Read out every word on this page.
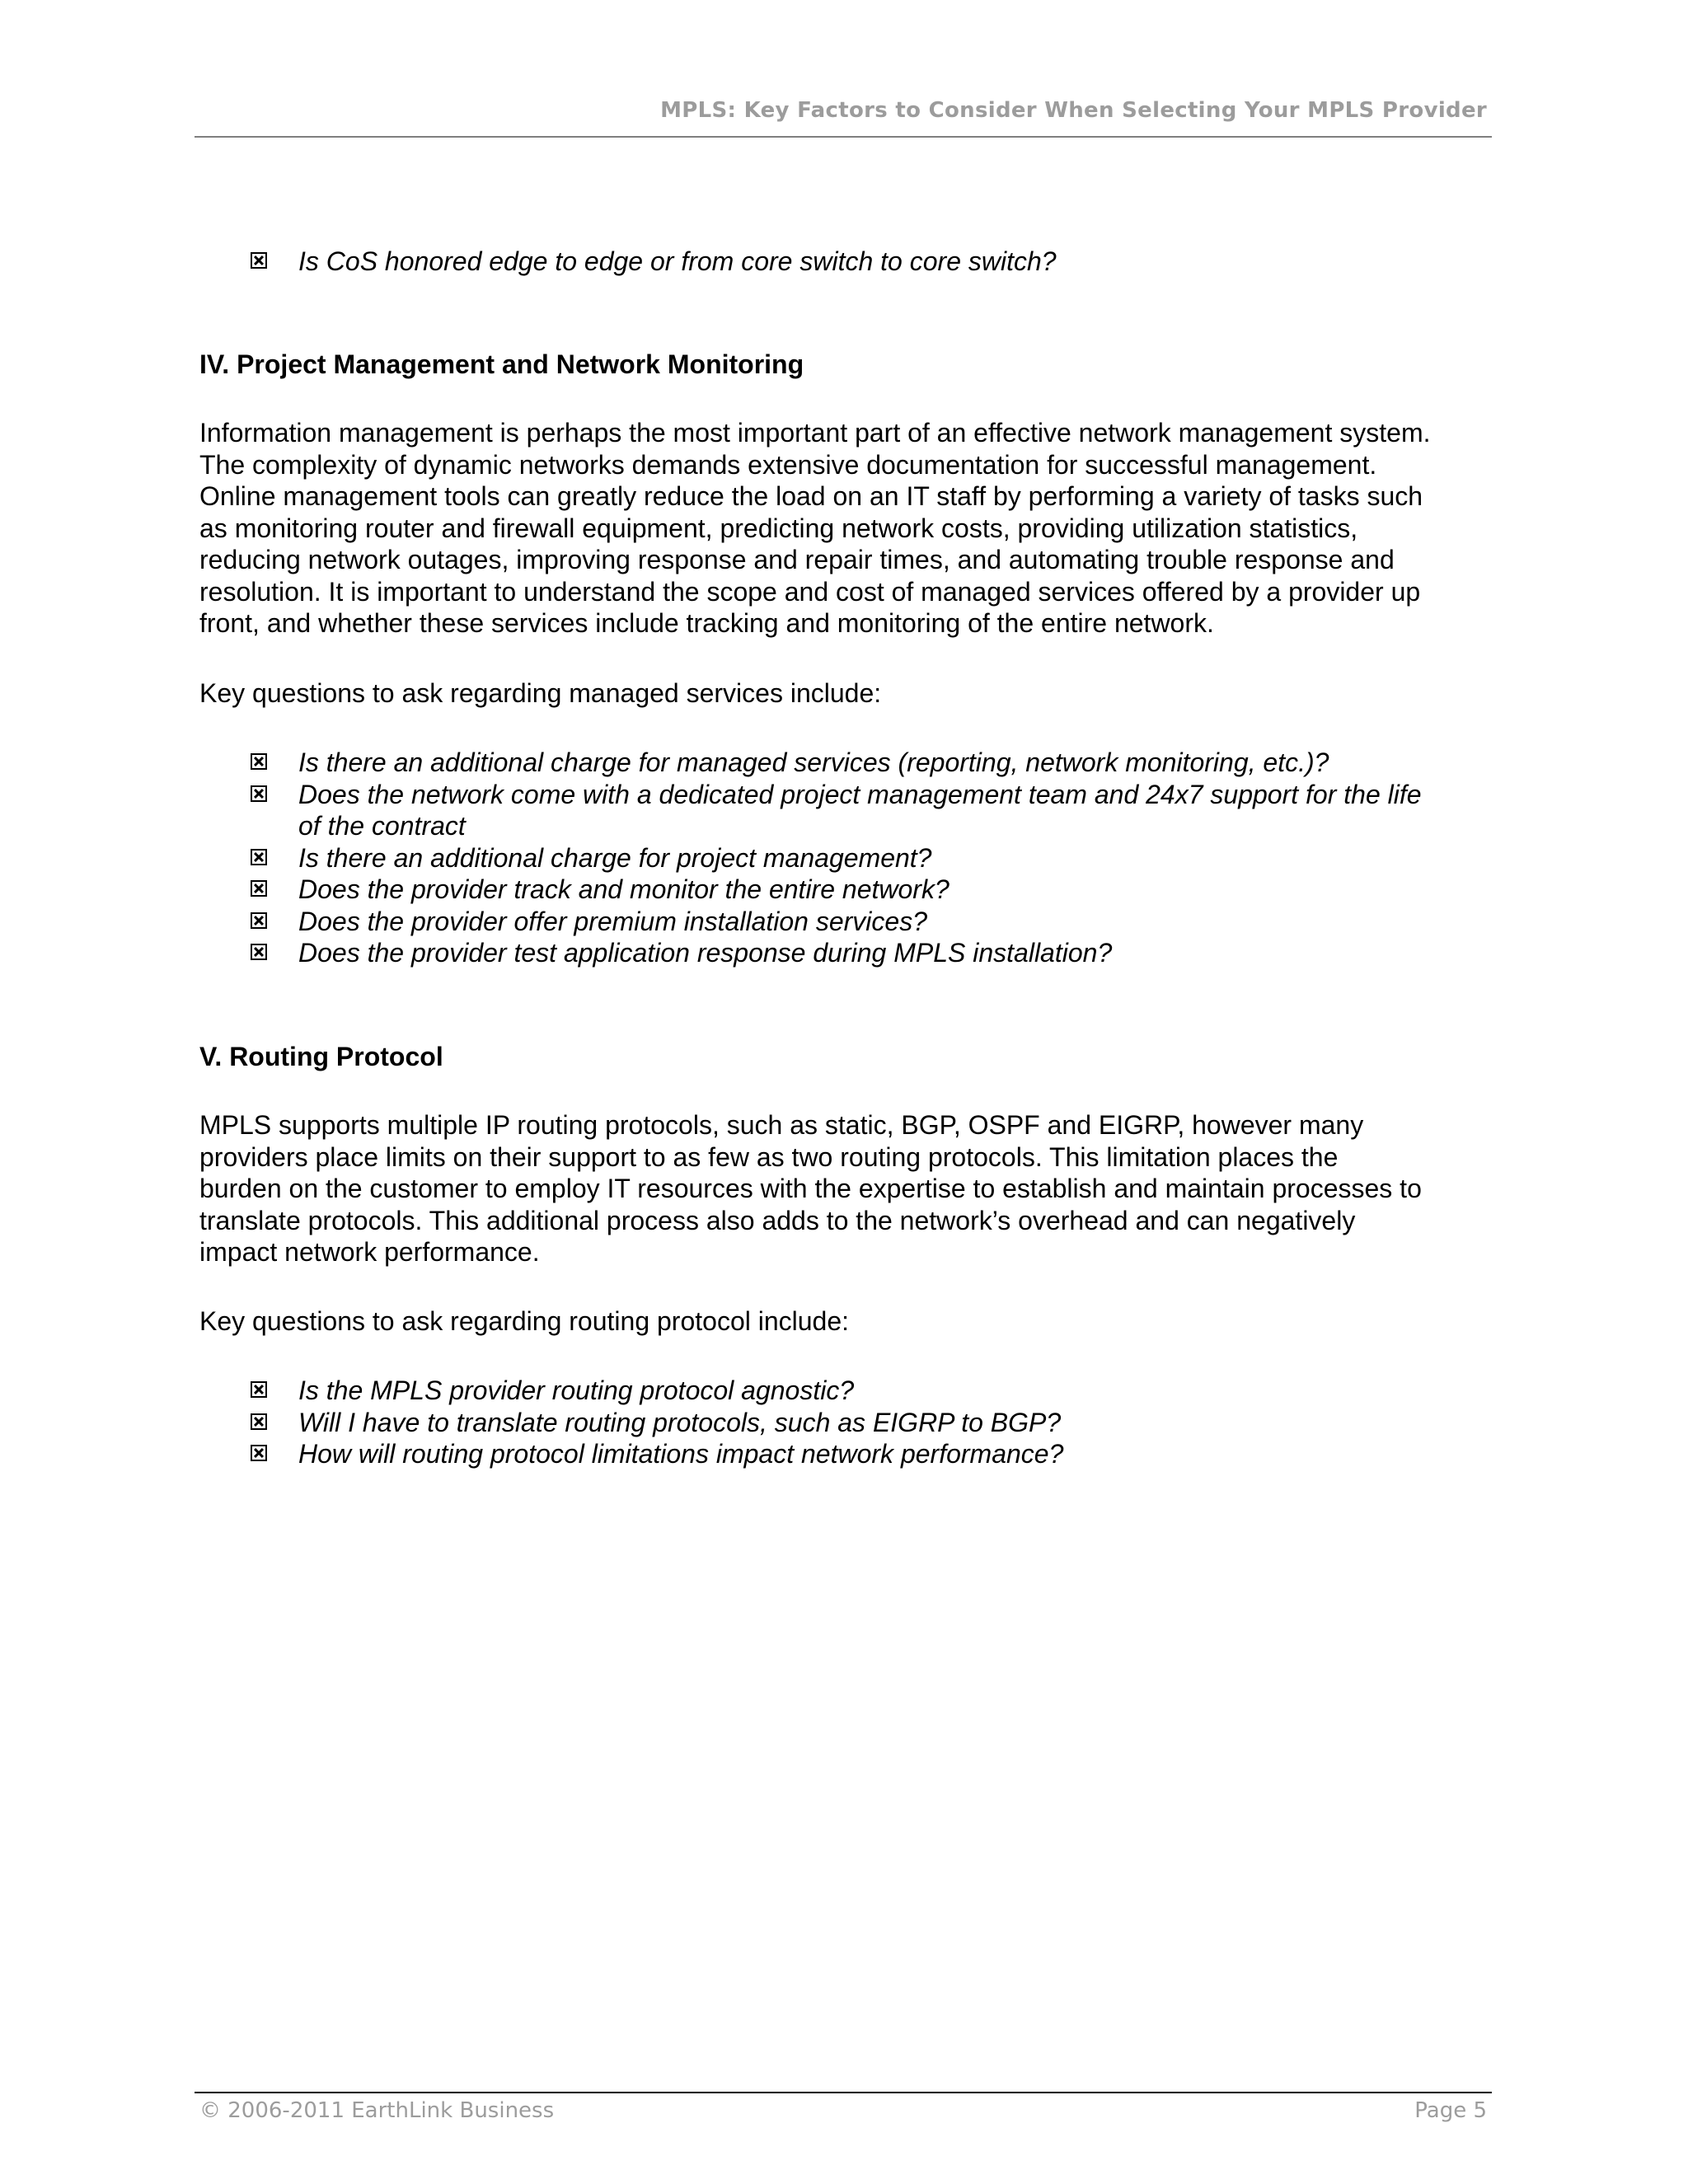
MPLS: Key Factors to Consider When Selecting Your MPLS Provider
Is CoS honored edge to edge or from core switch to core switch?
IV. Project Management and Network Monitoring

Information management is perhaps the most important part of an effective network management system.
The complexity of dynamic networks demands extensive documentation for successful management.
Online management tools can greatly reduce the load on an IT staff by performing a variety of tasks such
as monitoring router and firewall equipment, predicting network costs, providing utilization statistics,
reducing network outages, improving response and repair times, and automating trouble response and
resolution. It is important to understand the scope and cost of managed services offered by a provider up
front, and whether these services include tracking and monitoring of the entire network.

Key questions to ask regarding managed services include:

Is there an additional charge for managed services (reporting, network monitoring, etc.)?
Does the network come with a dedicated project management team and 24x7 support for the life
of the contract
Is there an additional charge for project management?
Does the provider track and monitor the entire network?
Does the provider offer premium installation services?
Does the provider test application response during MPLS installation?
V. Routing Protocol

MPLS supports multiple IP routing protocols, such as static, BGP, OSPF and EIGRP, however many
providers place limits on their support to as few as two routing protocols. This limitation places the
burden on the customer to employ IT resources with the expertise to establish and maintain processes to
translate protocols. This additional process also adds to the network’s overhead and can negatively
impact network performance.

Key questions to ask regarding routing protocol include:

Is the MPLS provider routing protocol agnostic?
Will I have to translate routing protocols, such as EIGRP to BGP?
How will routing protocol limitations impact network performance?
© 2006-2011 EarthLink Business	Page 5
